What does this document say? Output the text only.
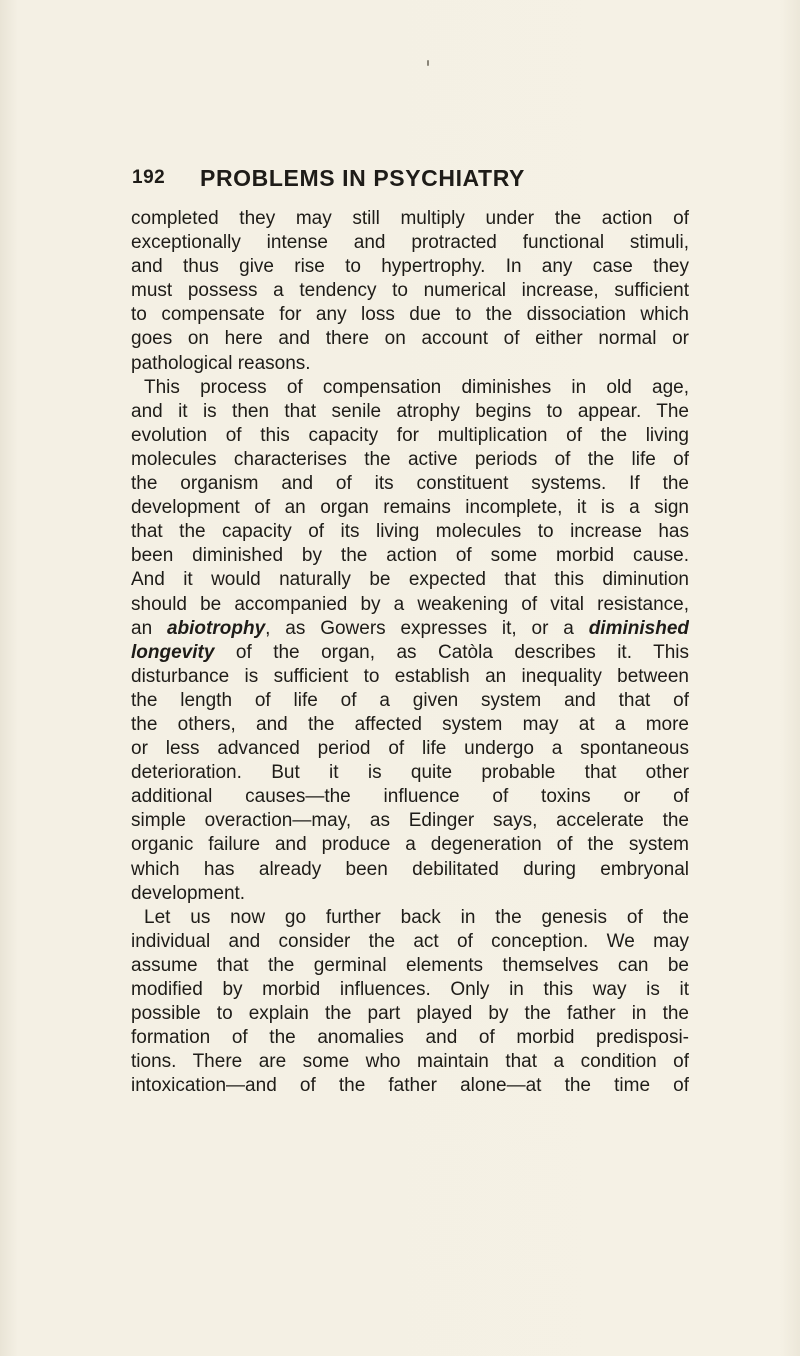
192 PROBLEMS IN PSYCHIATRY
completed they may still multiply under the action of
exceptionally intense and protracted functional stimuli,
and thus give rise to hypertrophy. In any case they
must possess a tendency to numerical increase, sufficient
to compensate for any loss due to the dissociation which
goes on here and there on account of either normal or
pathological reasons.
This process of compensation diminishes in old age,
and it is then that senile atrophy begins to appear. The
evolution of this capacity for multiplication of the living
molecules characterises the active periods of the life of
the organism and of its constituent systems. If the
development of an organ remains incomplete, it is a sign
that the capacity of its living molecules to increase has
been diminished by the action of some morbid cause.
And it would naturally be expected that this diminution
should be accompanied by a weakening of vital resistance,
an abiotrophy, as Gowers expresses it, or a diminished
longevity of the organ, as Catòla describes it. This
disturbance is sufficient to establish an inequality between
the length of life of a given system and that of
the others, and the affected system may at a more
or less advanced period of life undergo a spontaneous
deterioration. But it is quite probable that other
additional causes—the influence of toxins or of
simple overaction—may, as Edinger says, accelerate the
organic failure and produce a degeneration of the system
which has already been debilitated during embryonal
development.
Let us now go further back in the genesis of the
individual and consider the act of conception. We may
assume that the germinal elements themselves can be
modified by morbid influences. Only in this way is it
possible to explain the part played by the father in the
formation of the anomalies and of morbid predisposi-
tions. There are some who maintain that a condition of
intoxication—and of the father alone—at the time of
